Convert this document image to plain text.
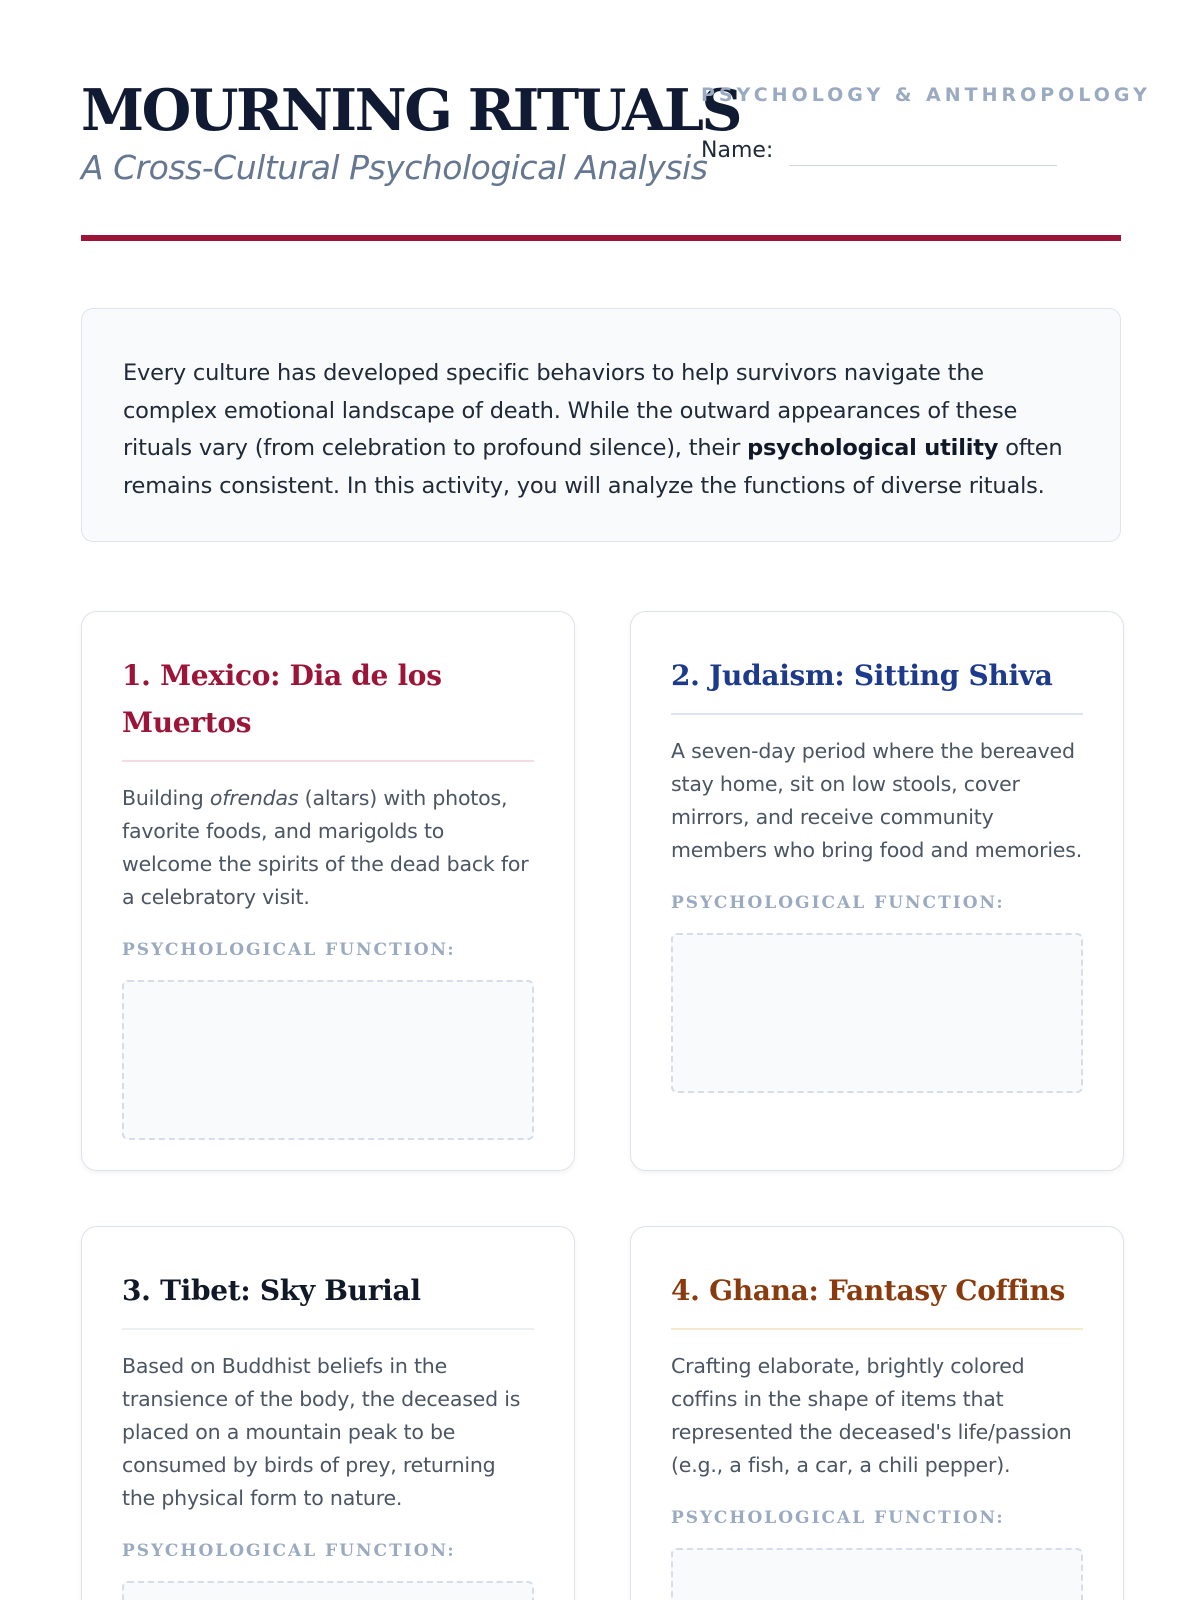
MOURNING RITUALS
A Cross-Cultural Psychological Analysis
PSYCHOLOGY & ANTHROPOLOGY
Name:

Every culture has developed specific behaviors to help survivors navigate the complex emotional landscape of death. While the outward appearances of these rituals vary (from celebration to profound silence), their psychological utility often remains consistent. In this activity, you will analyze the functions of diverse rituals.

1. Mexico: Dia de los Muertos

Building ofrendas (altars) with photos, favorite foods, and marigolds to welcome the spirits of the dead back for a celebratory visit.

PSYCHOLOGICAL FUNCTION:
2. Judaism: Sitting Shiva

A seven-day period where the bereaved stay home, sit on low stools, cover mirrors, and receive community members who bring food and memories.

PSYCHOLOGICAL FUNCTION:
3. Tibet: Sky Burial

Based on Buddhist beliefs in the transience of the body, the deceased is placed on a mountain peak to be consumed by birds of prey, returning the physical form to nature.

PSYCHOLOGICAL FUNCTION:
4. Ghana: Fantasy Coffins

Crafting elaborate, brightly colored coffins in the shape of items that represented the deceased's life/passion (e.g., a fish, a car, a chili pepper).

PSYCHOLOGICAL FUNCTION:
